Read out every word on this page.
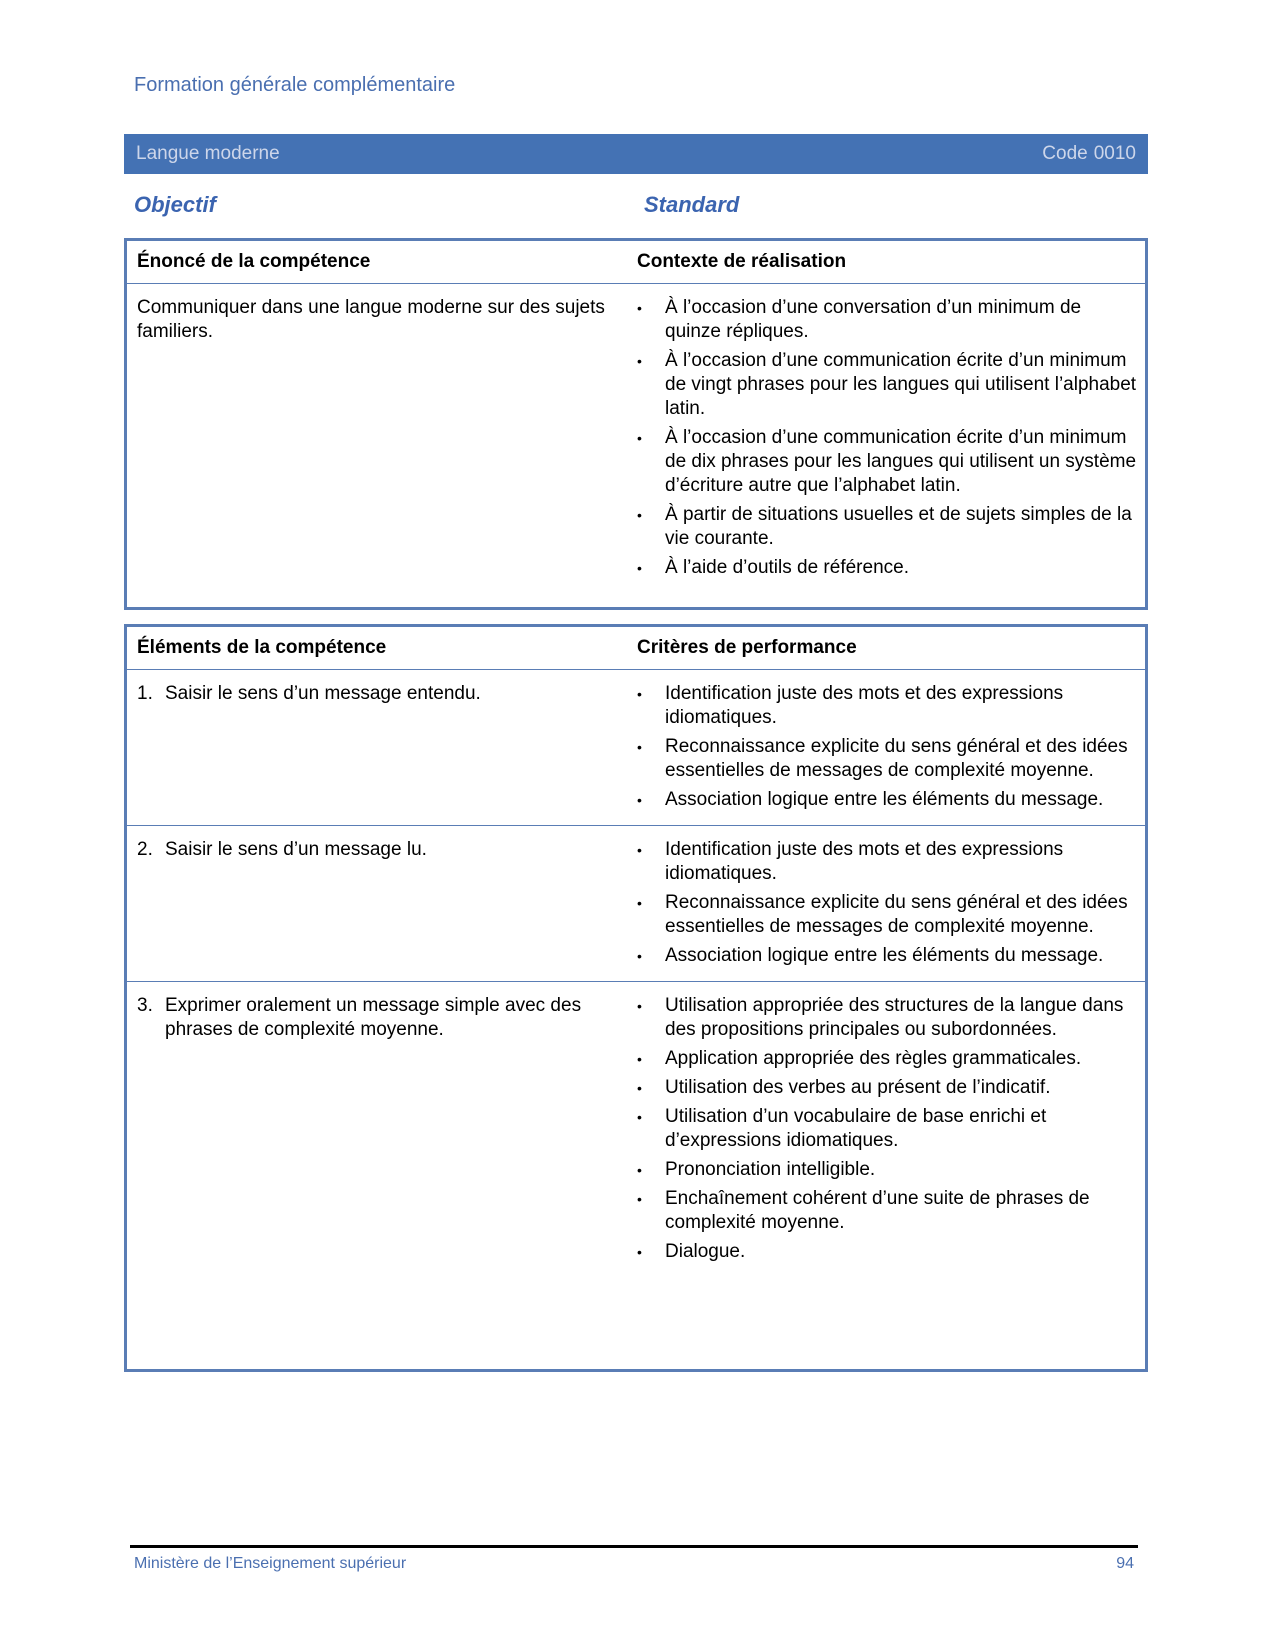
Formation générale complémentaire
Langue moderne	Code 0010
Objectif	Standard
Énoncé de la compétence	Contexte de réalisation
Communiquer dans une langue moderne sur des sujets familiers.
•	À l’occasion d’une conversation d’un minimum de quinze répliques.
•	À l’occasion d’une communication écrite d’un minimum de vingt phrases pour les langues qui utilisent l’alphabet latin.
•	À l’occasion d’une communication écrite d’un minimum de dix phrases pour les langues qui utilisent un système d’écriture autre que l’alphabet latin.
•	À partir de situations usuelles et de sujets simples de la vie courante.
•	À l’aide d’outils de référence.
Éléments de la compétence	Critères de performance
1. Saisir le sens d’un message entendu.	•	Identification juste des mots et des expressions idiomatiques.
•	Reconnaissance explicite du sens général et des idées essentielles de messages de complexité moyenne.
•	Association logique entre les éléments du message.
2. Saisir le sens d’un message lu.	•	Identification juste des mots et des expressions idiomatiques.
•	Reconnaissance explicite du sens général et des idées essentielles de messages de complexité moyenne.
•	Association logique entre les éléments du message.
3. Exprimer oralement un message simple avec des phrases de complexité moyenne.
•	Utilisation appropriée des structures de la langue dans des propositions principales ou subordonnées.
•	Application appropriée des règles grammaticales.
•	Utilisation des verbes au présent de l’indicatif.
•	Utilisation d’un vocabulaire de base enrichi et d’expressions idiomatiques.
•	Prononciation intelligible.
•	Enchaînement cohérent d’une suite de phrases de complexité moyenne.
•	Dialogue.
Ministère de l’Enseignement supérieur	94
